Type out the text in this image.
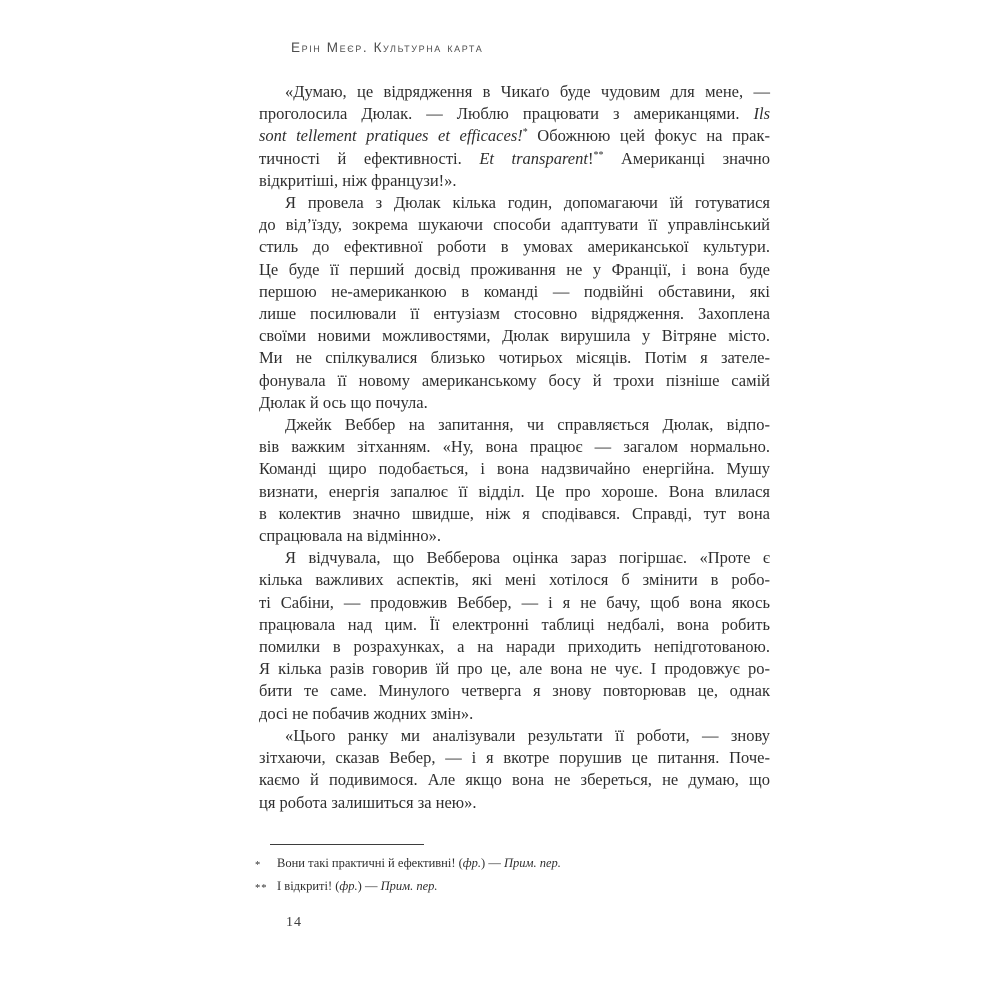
Ерін Меєр. Культурна карта
«Думаю, це відрядження в Чикаґо буде чудовим для мене, —
проголосила Дюлак. — Люблю працювати з американцями. Ils
sont tellement pratiques et efficaces!* Обожнюю цей фокус на прак-
тичності й ефективності. Et transparent!** Американці значно
відкритіші, ніж французи!».
Я провела з Дюлак кілька годин, допомагаючи їй готуватися
до від’їзду, зокрема шукаючи способи адаптувати її управлінський
стиль до ефективної роботи в умовах американської культури.
Це буде її перший досвід проживання не у Франції, і вона буде
першою не-американкою в команді — подвійні обставини, які
лише посилювали її ентузіазм стосовно відрядження. Захоплена
своїми новими можливостями, Дюлак вирушила у Вітряне місто.
Ми не спілкувалися близько чотирьох місяців. Потім я зателе-
фонувала її новому американському босу й трохи пізніше самій
Дюлак й ось що почула.
Джейк Веббер на запитання, чи справляється Дюлак, відпо-
вів важким зітханням. «Ну, вона працює — загалом нормально.
Команді щиро подобається, і вона надзвичайно енергійна. Мушу
визнати, енергія запалює її відділ. Це про хороше. Вона влилася
в колектив значно швидше, ніж я сподівався. Справді, тут вона
спрацювала на відмінно».
Я відчувала, що Вебберова оцінка зараз погіршає. «Проте є
кілька важливих аспектів, які мені хотілося б змінити в робо-
ті Сабіни, — продовжив Веббер, — і я не бачу, щоб вона якось
працювала над цим. Її електронні таблиці недбалі, вона робить
помилки в розрахунках, а на наради приходить непідготованою.
Я кілька разів говорив їй про це, але вона не чує. І продовжує ро-
бити те саме. Минулого четверга я знову повторював це, однак
досі не побачив жодних змін».
«Цього ранку ми аналізували результати її роботи, — знову
зітхаючи, сказав Вебер, — і я вкотре порушив це питання. Поче-
каємо й подивимося. Але якщо вона не збереться, не думаю, що
ця робота залишиться за нею».
*	Вони такі практичні й ефективні! (фр.) — Прим. пер.
** І відкриті! (фр.) — Прим. пер.
14
